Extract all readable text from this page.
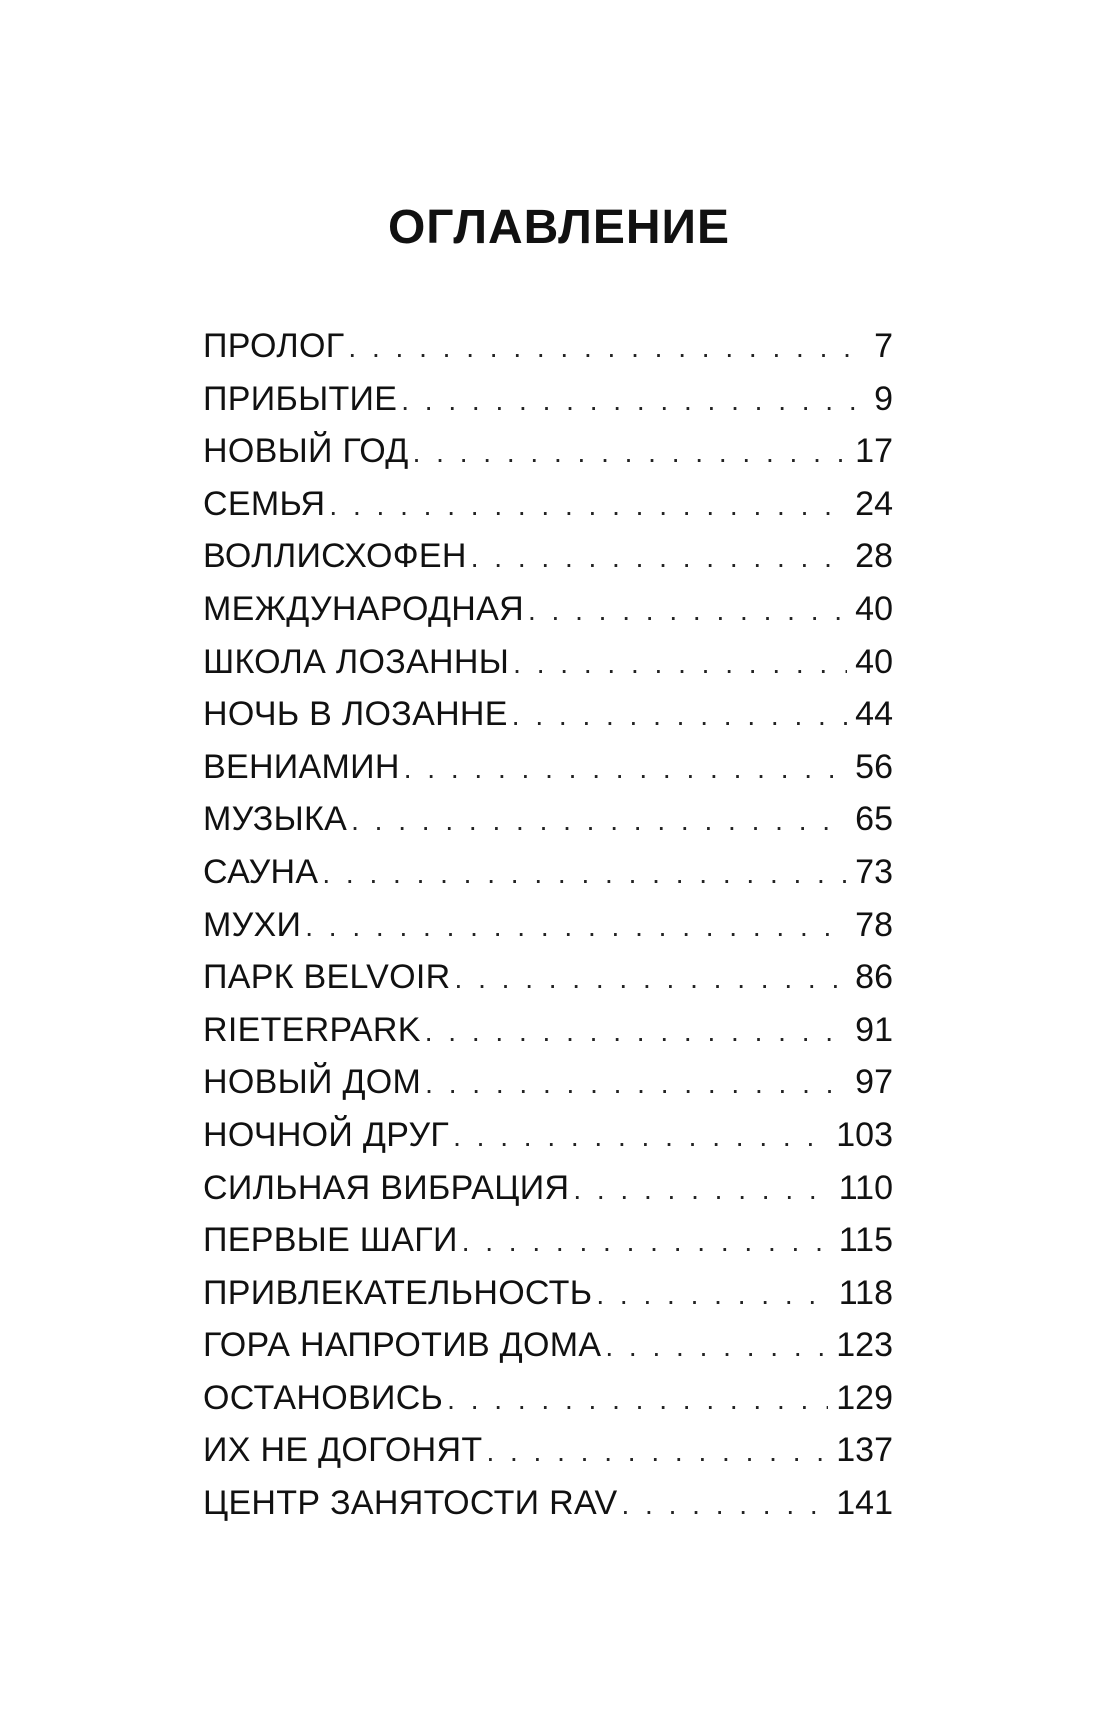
ОГЛАВЛЕНИЕ
ПРОЛОГ . . .	7
ПРИБЫТИЕ . . .	9
НОВЫЙ ГОД . . .	17
СЕМЬЯ . . .	24
ВОЛЛИСХОФЕН . . .	28
МЕЖДУНАРОДНАЯ . . .	40
ШКОЛА ЛОЗАННЫ . . .	40
НОЧЬ В ЛОЗАННЕ . . .	44
ВЕНИАМИН . . .	56
МУЗЫКА . . .	65
САУНА . . .	73
МУХИ . . .	78
ПАРК BELVOIR . . .	86
RIETERPARK . . .	91
НОВЫЙ ДОМ . . .	97
НОЧНОЙ ДРУГ . . .	103
СИЛЬНАЯ ВИБРАЦИЯ . . .	110
ПЕРВЫЕ ШАГИ . . .	115
ПРИВЛЕКАТЕЛЬНОСТЬ . . .	118
ГОРА НАПРОТИВ ДОМА . . .	123
ОСТАНОВИСЬ . . .	129
ИХ НЕ ДОГОНЯТ . . .	137
ЦЕНТР ЗАНЯТОСТИ RAV . . .	141
